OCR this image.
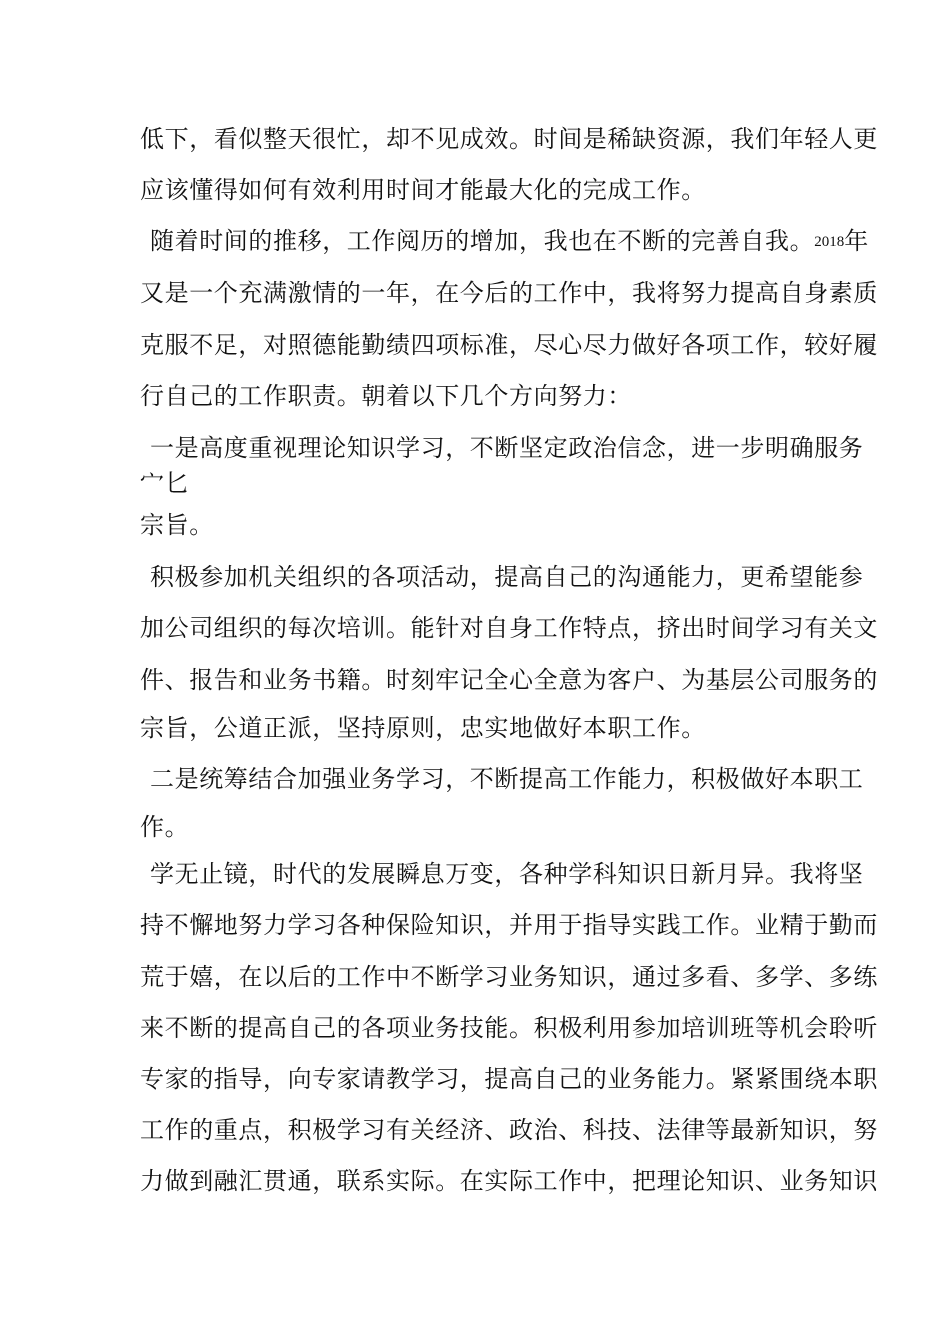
低下，看似整天很忙，却不见成效。时间是稀缺资源，我们年轻人更
应该懂得如何有效利用时间才能最大化的完成工作。
随着时间的推移，工作阅历的增加，我也在不断的完善自我。2018年
又是一个充满激情的一年，在今后的工作中，我将努力提高自身素质
克服不足，对照德能勤绩四项标准，尽心尽力做好各项工作，较好履
行自己的工作职责。朝着以下几个方向努力：
一是高度重视理论知识学习，不断坚定政治信念，进一步明确服务
宀匕
宗旨。
积极参加机关组织的各项活动，提高自己的沟通能力，更希望能参
加公司组织的每次培训。能针对自身工作特点，挤出时间学习有关文
件、报告和业务书籍。时刻牢记全心全意为客户、为基层公司服务的
宗旨，公道正派，坚持原则，忠实地做好本职工作。
二是统筹结合加强业务学习，不断提高工作能力，积极做好本职工
作。
学无止镜，时代的发展瞬息万变，各种学科知识日新月异。我将坚
持不懈地努力学习各种保险知识，并用于指导实践工作。业精于勤而
荒于嬉，在以后的工作中不断学习业务知识，通过多看、多学、多练
来不断的提高自己的各项业务技能。积极利用参加培训班等机会聆听
专家的指导，向专家请教学习，提高自己的业务能力。紧紧围绕本职
工作的重点，积极学习有关经济、政治、科技、法律等最新知识，努
力做到融汇贯通，联系实际。在实际工作中，把理论知识、业务知识
